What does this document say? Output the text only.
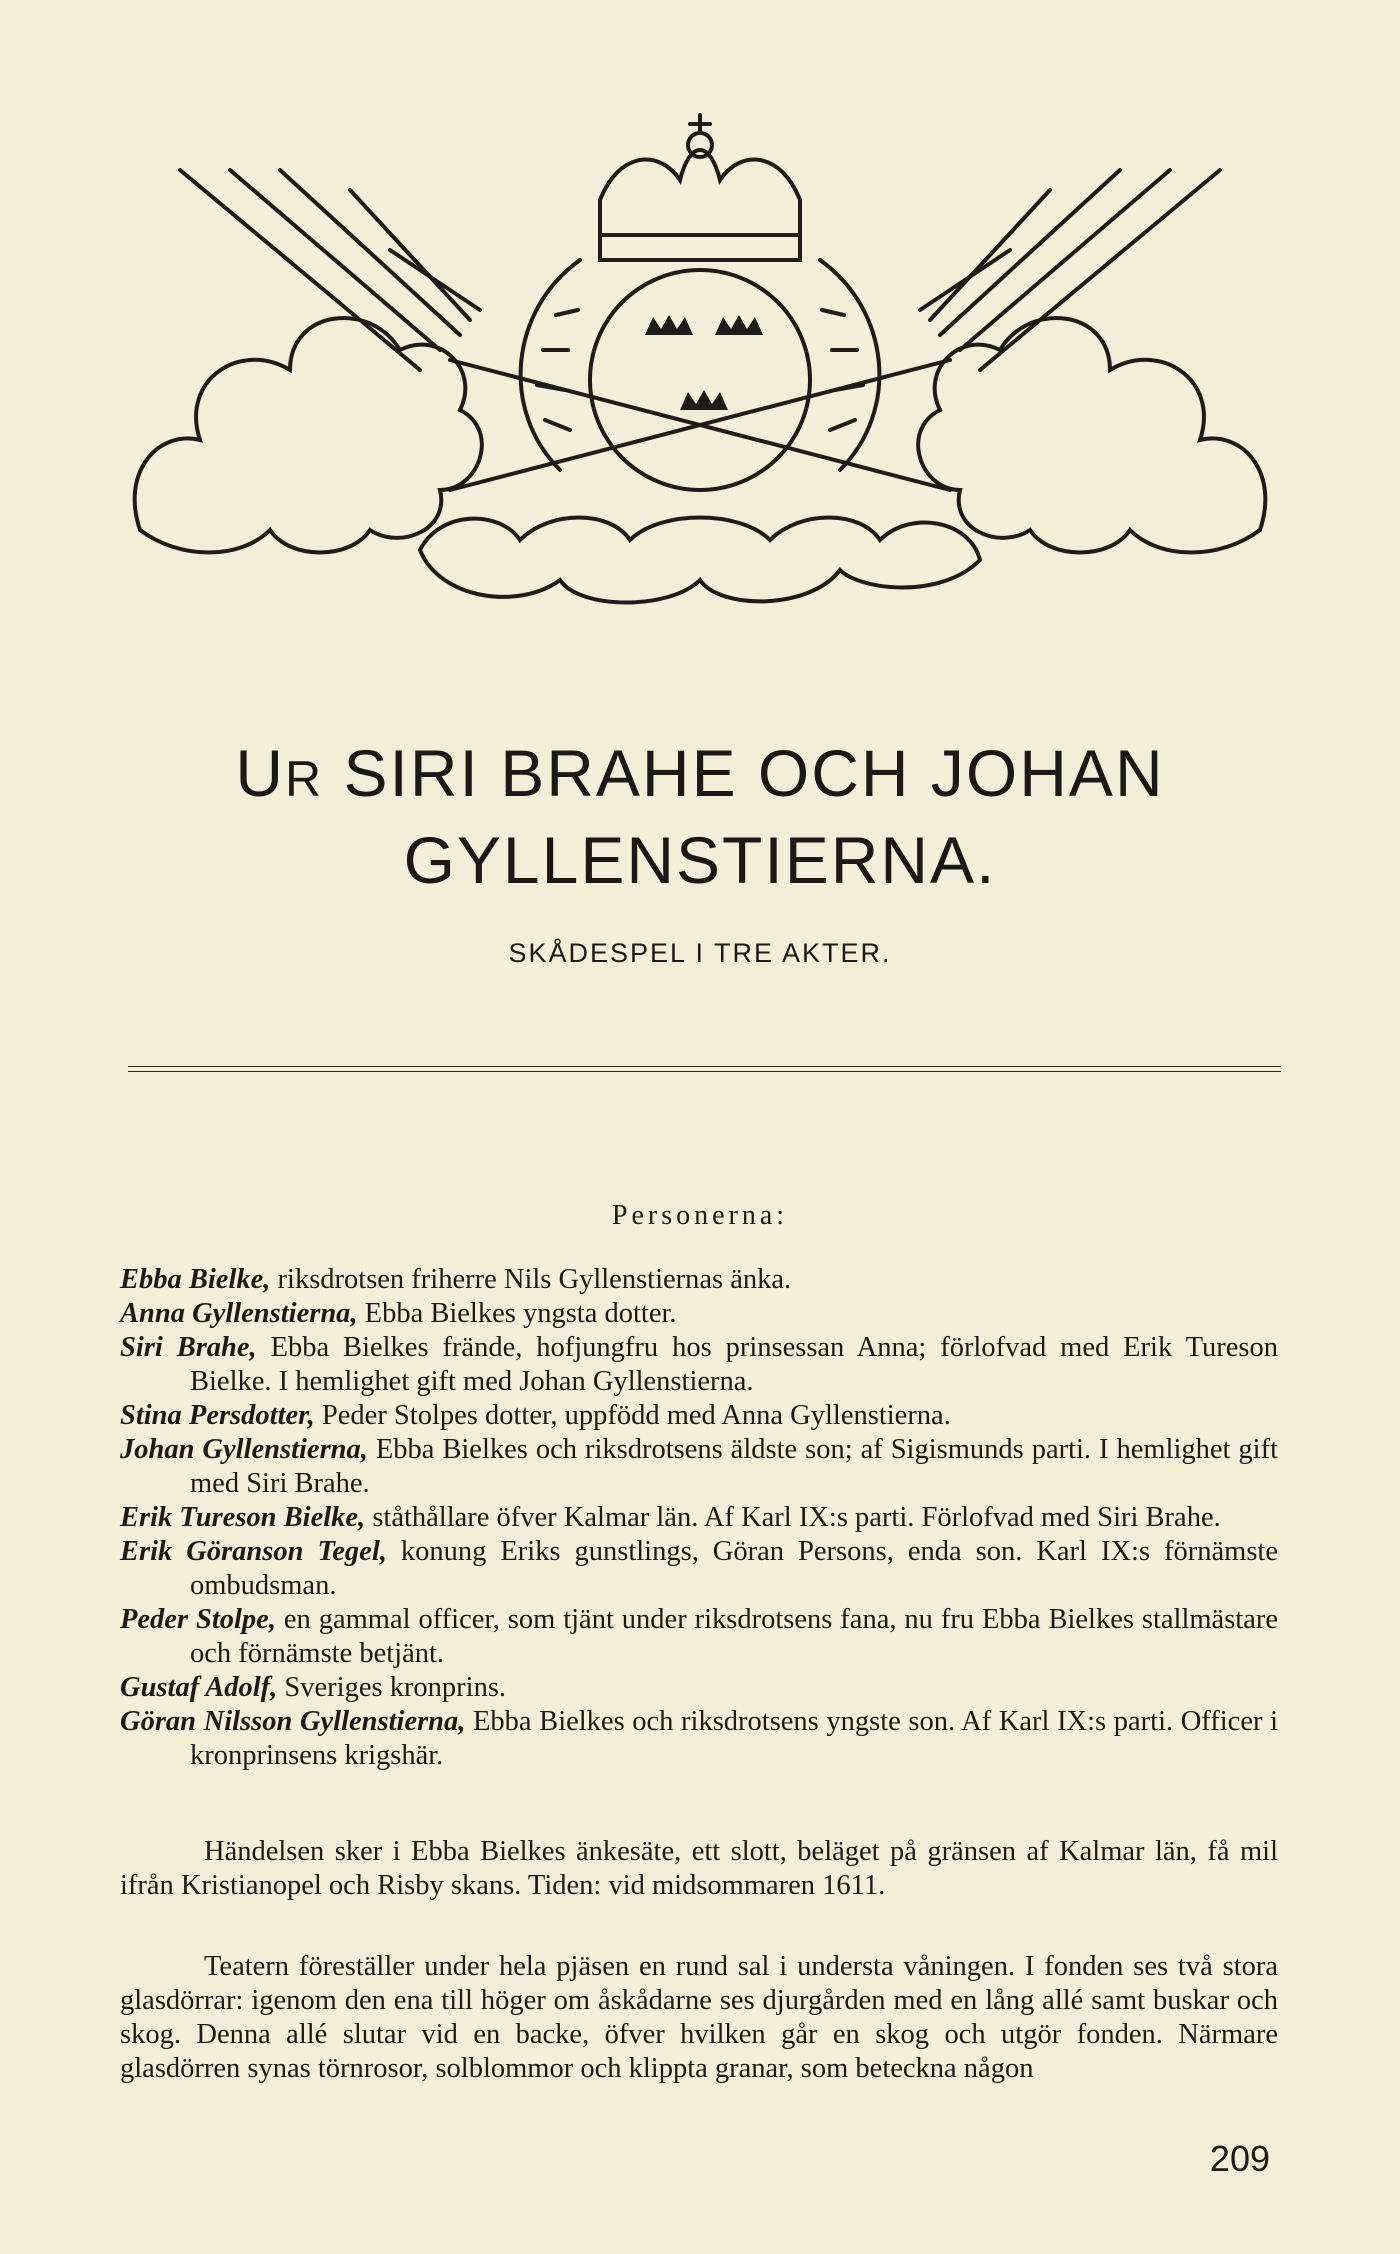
UR SIRI BRAHE OCH JOHAN
GYLLENSTIERNA.
SKÅDESPEL I TRE AKTER.
Personerna:
Ebba Bielke, riksdrotsen friherre Nils Gyllenstiernas änka.
Anna Gyllenstierna, Ebba Bielkes yngsta dotter.
Siri Brahe, Ebba Bielkes frände, hofjungfru hos prinsessan Anna; förlofvad med Erik Tureson Bielke. I hemlighet gift med Johan Gyllenstierna.
Stina Persdotter, Peder Stolpes dotter, uppfödd med Anna Gyllenstierna.
Johan Gyllenstierna, Ebba Bielkes och riksdrotsens äldste son; af Sigismunds parti. I hemlighet gift med Siri Brahe.
Erik Tureson Bielke, ståthållare öfver Kalmar län. Af Karl IX:s parti. Förlofvad med Siri Brahe.
Erik Göranson Tegel, konung Eriks gunstlings, Göran Persons, enda son. Karl IX:s förnämste ombudsman.
Peder Stolpe, en gammal officer, som tjänt under riksdrotsens fana, nu fru Ebba Bielkes stallmästare och förnämste betjänt.
Gustaf Adolf, Sveriges kronprins.
Göran Nilsson Gyllenstierna, Ebba Bielkes och riksdrotsens yngste son. Af Karl IX:s parti. Officer i kronprinsens krigshär.
Händelsen sker i Ebba Bielkes änkesäte, ett slott, beläget på gränsen af Kalmar län, få mil ifrån Kristianopel och Risby skans. Tiden: vid midsommaren 1611.
Teatern föreställer under hela pjäsen en rund sal i understa våningen. I fonden ses två stora glasdörrar: igenom den ena till höger om åskådarne ses djurgården med en lång allé samt buskar och skog. Denna allé slutar vid en backe, öfver hvilken går en skog och utgör fonden. Närmare glasdörren synas törnrosor, solblommor och klippta granar, som beteckna någon
209
